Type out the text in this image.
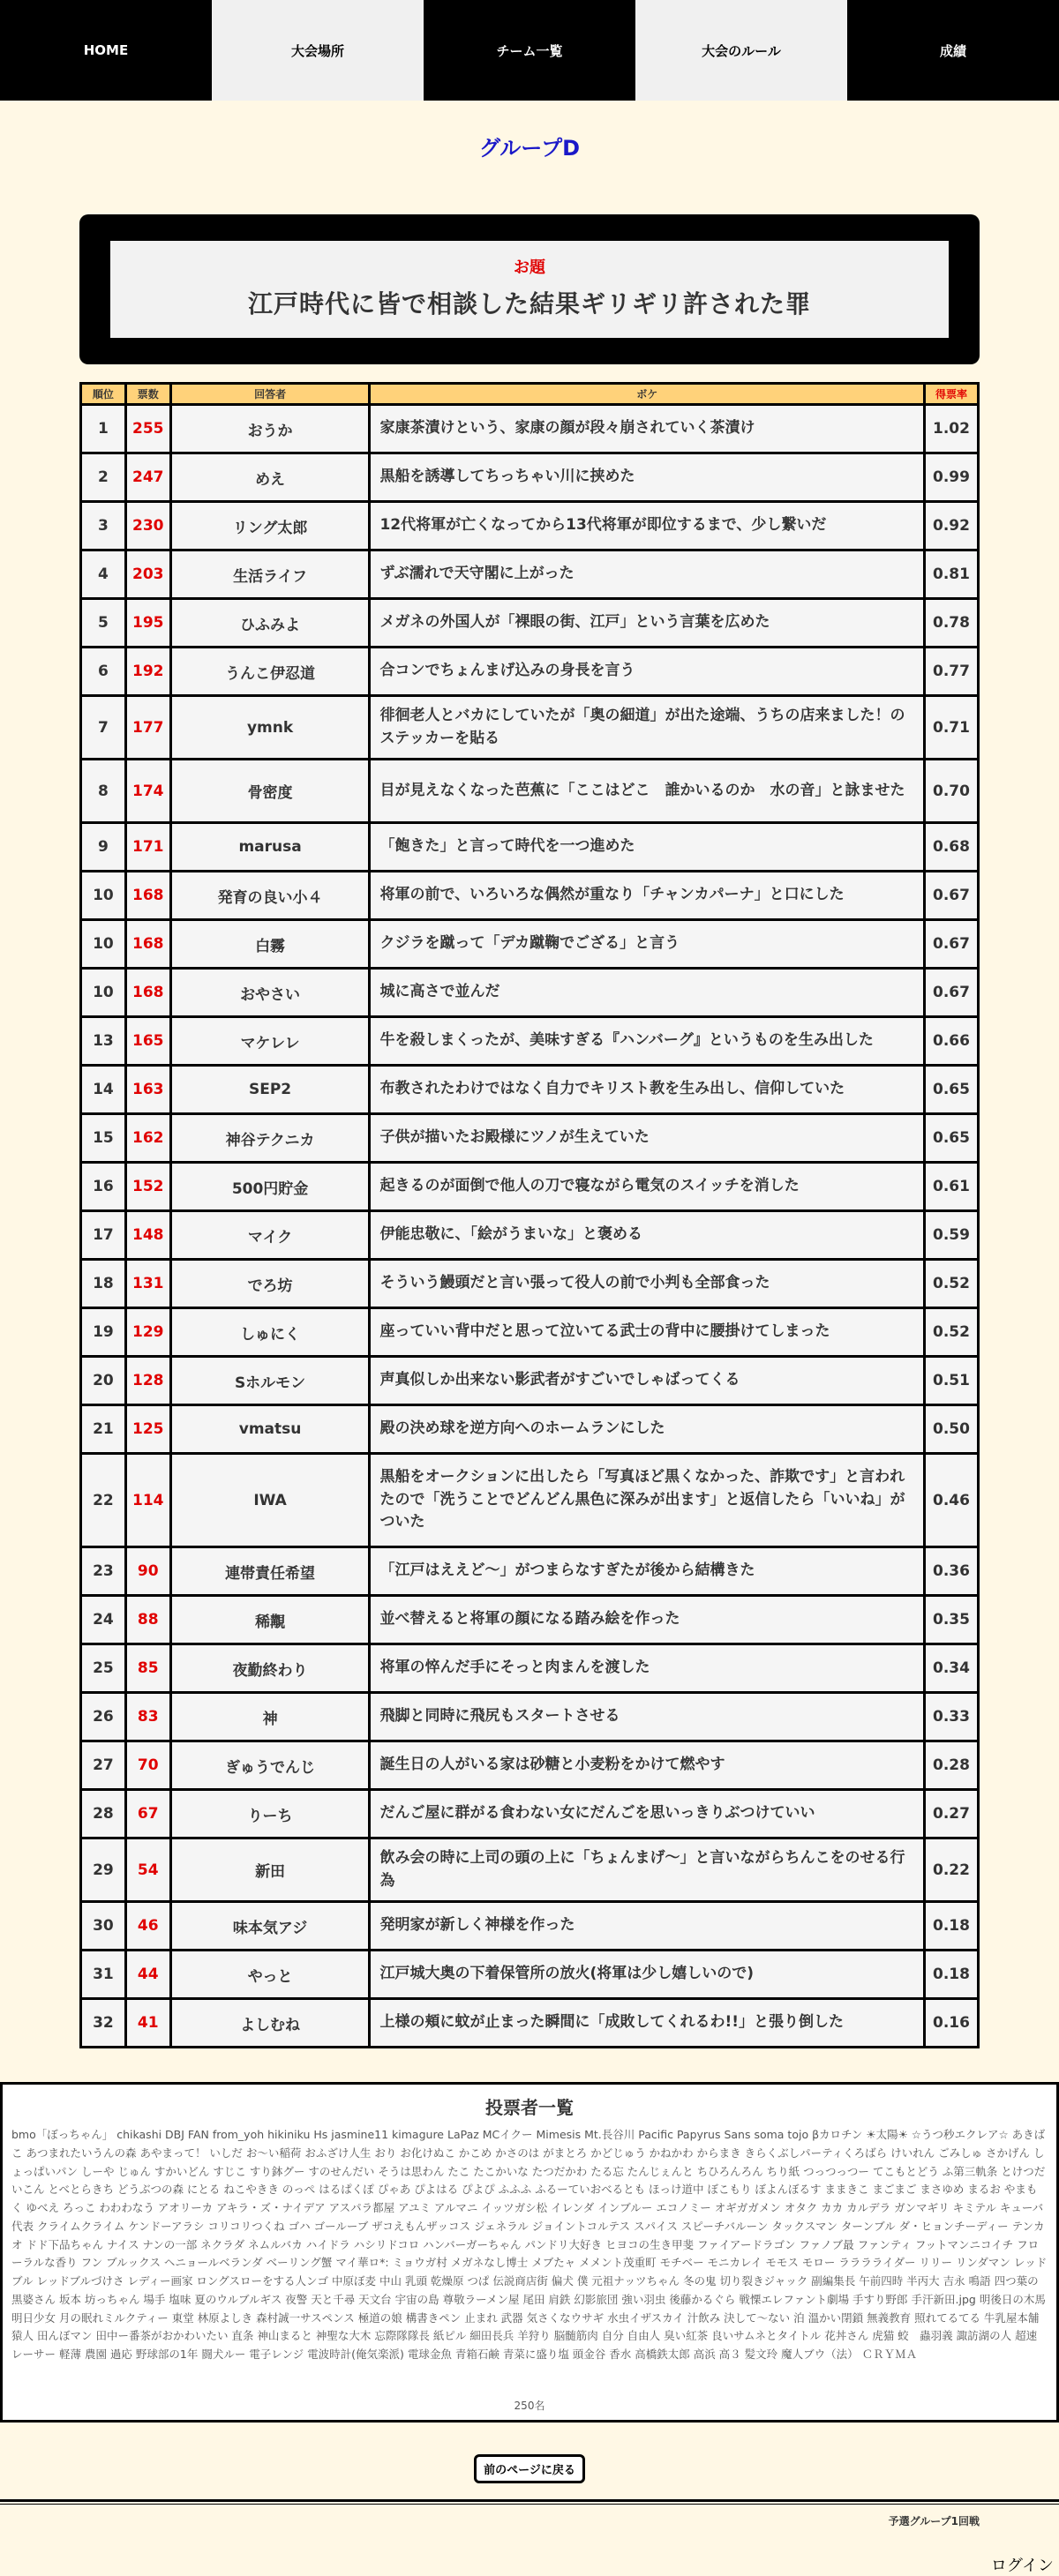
HOME	大会場所	チーム一覧	大会のルール	成績
グループD
お題
江戸時代に皆で相談した結果ギリギリ許された罪
順位	票数	回答者	ボケ	得票率
1	255	おうか	家康茶漬けという、家康の顔が段々崩されていく茶漬け	1.02
2	247	めえ	黒船を誘導してちっちゃい川に挟めた	0.99
3	230	リング太郎	12代将軍が亡くなってから13代将軍が即位するまで、少し繋いだ	0.92
4	203	生活ライフ	ずぶ濡れで天守閣に上がった	0.81
5	195	ひふみよ	メガネの外国人が「裸眼の街、江戸」という言葉を広めた	0.78
6	192	うんこ伊忍道	合コンでちょんまげ込みの身長を言う	0.77
7	177	ymnk	徘徊老人とバカにしていたが「奥の細道」が出た途端、うちの店来ました！のステッカーを貼る	0.71
8	174	骨密度	目が見えなくなった芭蕉に「ここはどこ　誰かいるのか　水の音」と詠ませた	0.70
9	171	marusa	「飽きた」と言って時代を一つ進めた	0.68
10	168	発育の良い小４	将軍の前で、いろいろな偶然が重なり「チャンカパーナ」と口にした	0.67
10	168	白霧	クジラを蹴って「デカ蹴鞠でござる」と言う	0.67
10	168	おやさい	城に高さで並んだ	0.67
13	165	マケレレ	牛を殺しまくったが、美味すぎる『ハンバーグ』というものを生み出した	0.66
14	163	SEP2	布教されたわけではなく自力でキリスト教を生み出し、信仰していた	0.65
15	162	神谷テクニカ	子供が描いたお殿様にツノが生えていた	0.65
16	152	500円貯金	起きるのが面倒で他人の刀で寝ながら電気のスイッチを消した	0.61
17	148	マイク	伊能忠敬に、「絵がうまいな」と褒める	0.59
18	131	でろ坊	そういう鰻頭だと言い張って役人の前で小判も全部食った	0.52
19	129	しゅにく	座っていい背中だと思って泣いてる武士の背中に腰掛けてしまった	0.52
20	128	Sホルモン	声真似しか出来ない影武者がすごいでしゃばってくる	0.51
21	125	vmatsu	殿の決め球を逆方向へのホームランにした	0.50
22	114	IWA	黒船をオークションに出したら「写真ほど黒くなかった、詐欺です」と言われたので「洗うことでどんどん黒色に深みが出ます」と返信したら「いいね」がついた	0.46
23	90	連帯責任希望	「江戸はええど〜」がつまらなすぎたが後から結構きた	0.36
24	88	稀覯	並べ替えると将軍の顔になる踏み絵を作った	0.35
25	85	夜勤終わり	将軍の悴んだ手にそっと肉まんを渡した	0.34
26	83	神	飛脚と同時に飛尻もスタートさせる	0.33
27	70	ぎゅうでんじ	誕生日の人がいる家は砂糖と小麦粉をかけて燃やす	0.28
28	67	りーち	だんご屋に群がる食わない女にだんごを思いっきりぶつけていい	0.27
29	54	新田	飲み会の時に上司の頭の上に「ちょんまげ〜」と言いながらちんこをのせる行為	0.22
30	46	味本気アジ	発明家が新しく神様を作った	0.18
31	44	やっと	江戸城大奥の下着保管所の放火(将軍は少し嬉しいので)	0.18
32	41	よしむね	上様の頬に蚊が止まった瞬間に「成敗してくれるわ!!」と張り倒した	0.16
投票者一覧
bmo「ぼっちゃん」 chikashi DBJ FAN from_yoh hikiniku Hs jasmine11 kimagure LaPaz MCイクー Mimesis Mt.長谷川 Pacific Papyrus Sans soma tojo βカロチン ☀太陽☀ ☆うつ秒エクレア☆ あきばこ あつまれたいうんの森 あやまって！ いしだ お〜い稲荷 おふざけ人生 おり お化けぬこ かこめ かさのは がまとろ かどじゅう かねかわ からまき きらくぶしパーティくろばら けいれん ごみしゅ さかげん しょっぱいパン しーや じゅん すかいどん すじこ すり鉢グー すのせんだい そうは思わん たこ たこかいな たつだかわ たる忘 たんじぇんと ちひろんろん ちり紙 つっつっつー てこもとどう ふ第三軌条 とけつだいこん とべとらきち どうぶつの森 にとる ねこやきき のっぺ はるぱくぽ ぴゃあ ぴよはる ぴよぴ ふふふ ふるーていおべるとも ほっけ道中 ぼこもり ぼよんぼるす ままきこ まごまご まさゆめ まるお やまもく ゆべえ ろっこ わわわなう アオリーカ アキラ・ズ・ナイデア アスパラ都屋 アユミ アルマニ イッツガシ松 イレンダ インブルー エコノミー オギガガメン オタク カカ カルデラ ガンマギリ キミテル キューバ代表 クライムクライム ケンドーアラシ コリコリつくね ゴハ ゴールーブ ザコえもんザッコス ジェネラル ジョイントコルテス スパイス スピーチバルーン タックスマン ターンブル ダ・ヒョンチーディー テンカオ ドド下品ちゃん ナイス ナンの一部 ネクラダ ネムルバカ ハイドラ ハシリドコロ ハンバーガーちゃん パンドリ大好き ヒヨコの生き甲斐 ファイアードラゴン ファノブ最 ファンティ フットマンニコイチ フローラルな香り フン ブルックス ヘニョールベランダ ベーリング蟹 マイ華ロ*: ミョウガ村 メガネなし博士 メブたャ メメント茂重町 モチベー モニカレイ モモス モロー ラララライダー リリー リンダマン レッドブル レッドブルづけさ レディー画家 ロングスローをする人ンゴ 中原ぼ麦 中山 乳頭 乾燥原 つぱ 伝説商店街 偏犬 僕 元祖ナッツちゃん 冬の鬼 切り裂きジャック 副編集長 午前四時 半丙大 吉永 鳴語 四つ葉の黒婆さん 坂本 坊っちゃん 場手 塩味 夏のウルブルギス 夜警 天と千尋 天文台 宇宙の島 尊敬ラーメン屋 尾田 肩鉄 幻影旅団 強い羽虫 後藤かるぐら 戦慄エレファント劇場 手すり野郎 手汗新田.jpg 明後日の木馬 明日少女 月の眠れミルクティー 東堂 林原よしき 森村誠一サスペンス 極道の娘 構書きペン 止まれ 武器 気さくなウサギ 水虫イザスカイ 汁飲み 決して〜ない 泊 溫かい閉鎖 無義教育 照れてるてる 牛乳屋本舗 猿人 田んぼマン 田中ー番茶がおかわいたい 直条 神山まると 神聖な大木 忘際隊隊長 紙ピル 細田長兵 羊狩り 脳髄筋肉 自分 自由人 臭い紅茶 良いサムネとタイトル 花丼さん 虎猫 蛟　蟲羽義 諏訪湖の人 超速レーサー 軽薄 農園 過応 野球部の1年 闘犬ルー 電子レンジ 電波時計(俺気楽派) 電球金魚 青箱石鹸 青菜に盛り塩 頭金谷 香水 高橋鉄太郎 高浜 高３ 髪文玲 魔人ブウ（法） ＣＲＹＭＡ
250名
前のページに戻る
予選グループ1回戦
ログイン
